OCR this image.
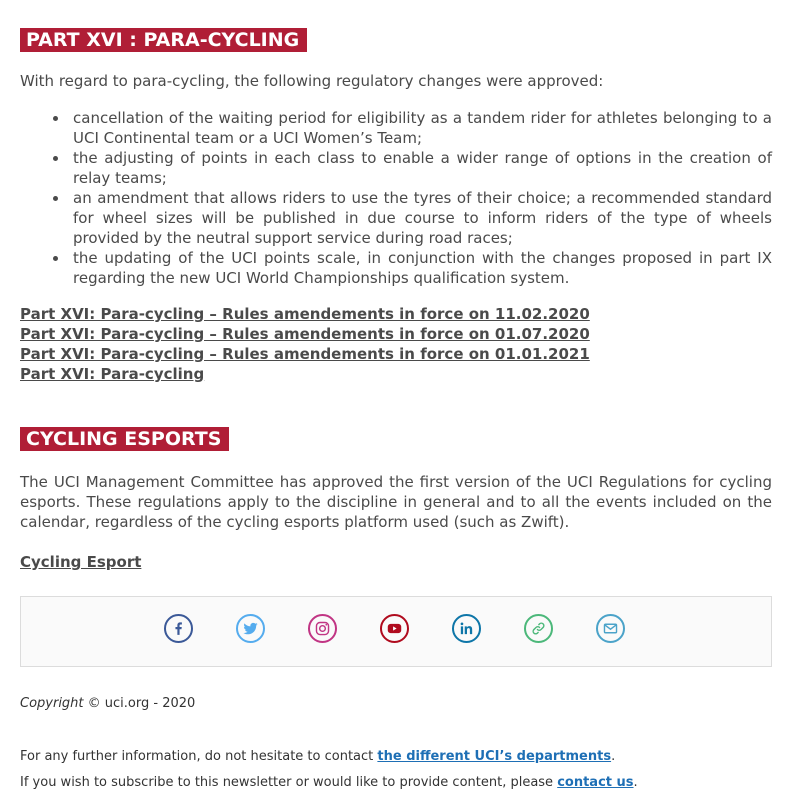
PART XVI : PARA-CYCLING

With regard to para-cycling, the following regulatory changes were approved:

cancellation of the waiting period for eligibility as a tandem rider for athletes belonging to a UCI Continental team or a UCI Women’s Team;
the adjusting of points in each class to enable a wider range of options in the creation of relay teams;
an amendment that allows riders to use the tyres of their choice; a recommended standard for wheel sizes will be published in due course to inform riders of the type of wheels provided by the neutral support service during road races;
the updating of the UCI points scale, in conjunction with the changes proposed in part IX regarding the new UCI World Championships qualification system.
Part XVI: Para-cycling – Rules amendements in force on 11.02.2020
Part XVI: Para-cycling – Rules amendements in force on 01.07.2020
Part XVI: Para-cycling – Rules amendements in force on 01.01.2021
Part XVI: Para-cycling
CYCLING ESPORTS

The UCI Management Committee has approved the first version of the UCI Regulations for cycling esports. These regulations apply to the discipline in general and to all the events included on the calendar, regardless of the cycling esports platform used (such as Zwift).

Cycling Esport
Copyright © uci.org - 2020
For any further information, do not hesitate to contact the different UCI’s departments.
If you wish to subscribe to this newsletter or would like to provide content, please contact us.
